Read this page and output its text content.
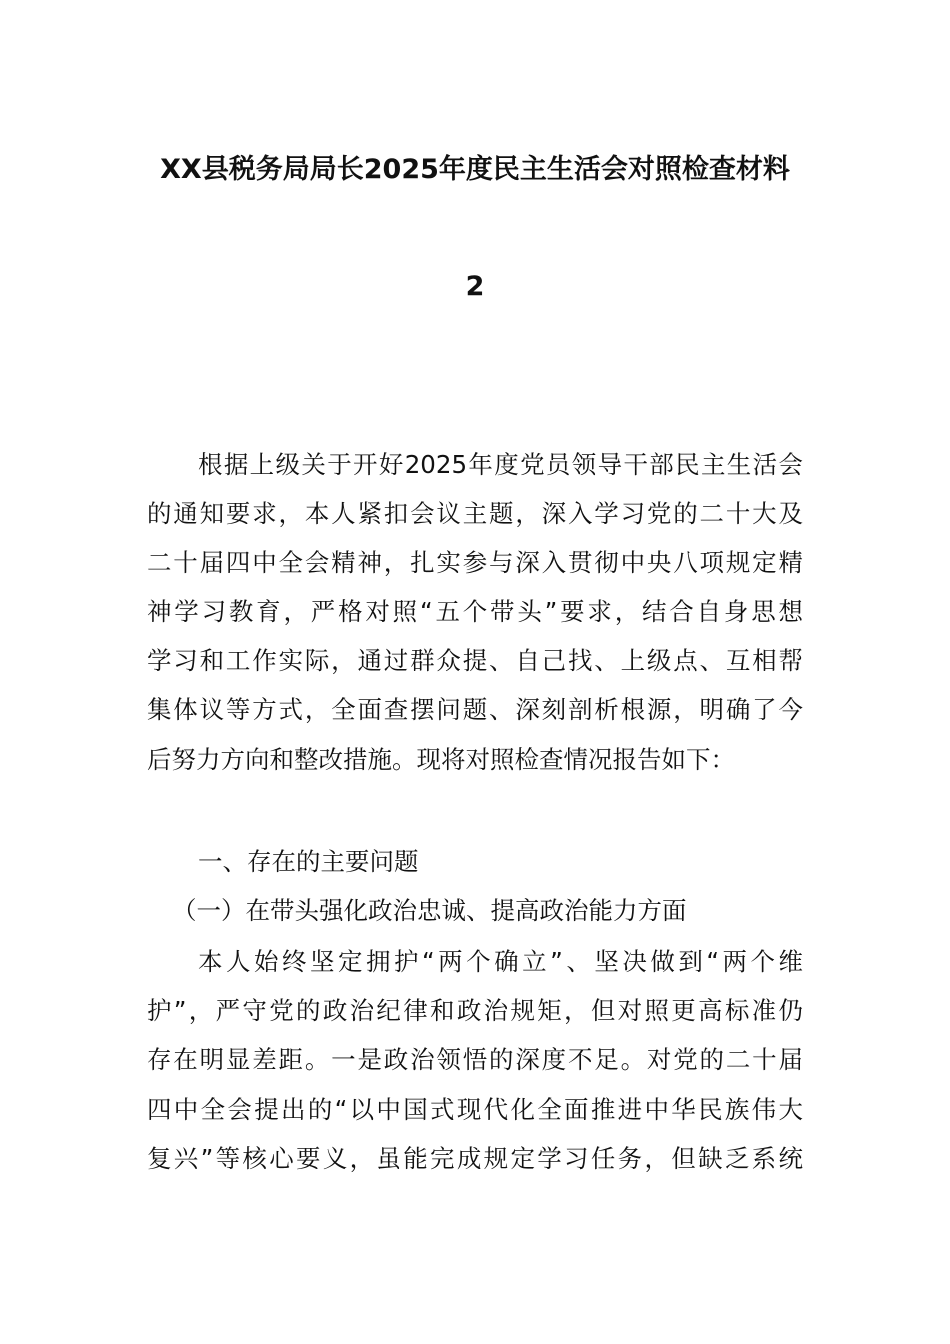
XX县税务局局长2025年度民主生活会对照检查材料
2
根据上级关于开好2025年度党员领导干部民主生活会
的通知要求，本人紧扣会议主题，深入学习党的二十大及
二十届四中全会精神，扎实参与深入贯彻中央八项规定精
神学习教育，严格对照“五个带头”要求，结合自身思想
学习和工作实际，通过群众提、自己找、上级点、互相帮
集体议等方式，全面查摆问题、深刻剖析根源，明确了今
后努力方向和整改措施。现将对照检查情况报告如下：
一、存在的主要问题
（一）在带头强化政治忠诚、提高政治能力方面
本人始终坚定拥护“两个确立”、坚决做到“两个维
护”，严守党的政治纪律和政治规矩，但对照更高标准仍
存在明显差距。一是政治领悟的深度不足。对党的二十届
四中全会提出的“以中国式现代化全面推进中华民族伟大
复兴”等核心要义，虽能完成规定学习任务，但缺乏系统
